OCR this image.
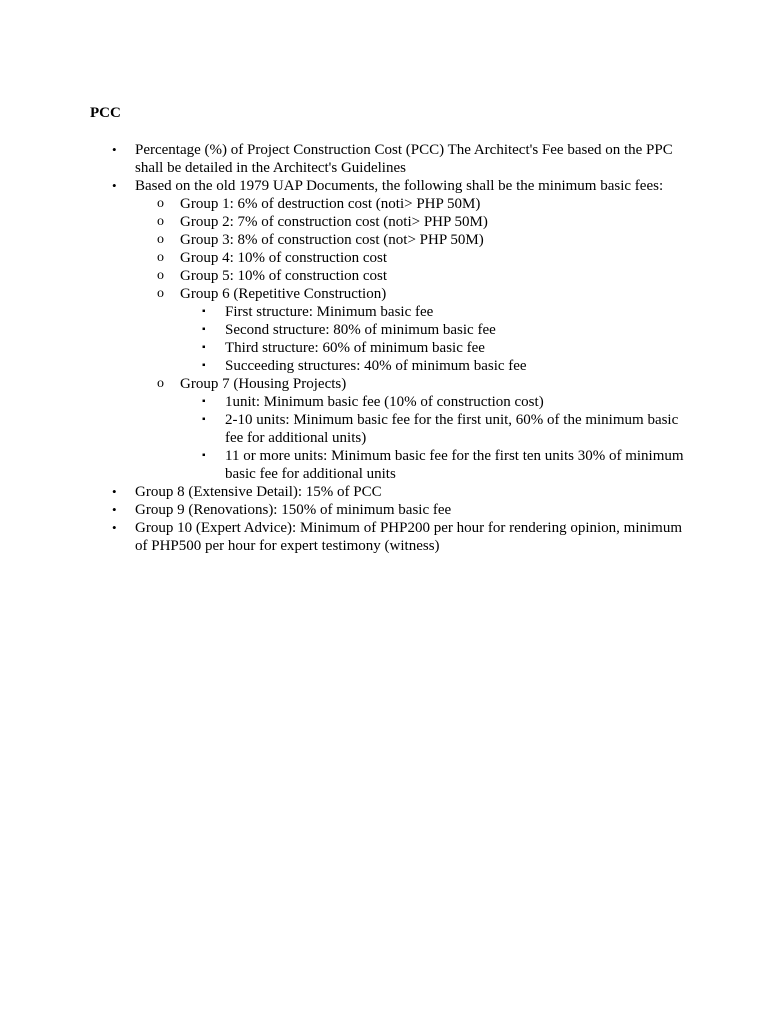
PCC
•	Percentage (%) of Project Construction Cost (PCC) The Architect's Fee based on the PPC shall be detailed in the Architect's Guidelines
•	Based on the old 1979 UAP Documents, the following shall be the minimum basic fees:
o	Group 1: 6% of destruction cost (noti> PHP 50M)
o	Group 2: 7% of construction cost (noti> PHP 50M)
o	Group 3: 8% of construction cost (not> PHP 50M)
o	Group 4: 10% of construction cost
o	Group 5: 10% of construction cost
o	Group 6 (Repetitive Construction)
▪	First structure: Minimum basic fee
▪	Second structure: 80% of minimum basic fee
▪	Third structure: 60% of minimum basic fee
▪	Succeeding structures: 40% of minimum basic fee
o	Group 7 (Housing Projects)
▪	1unit: Minimum basic fee (10% of construction cost)
▪	2-10 units: Minimum basic fee for the first unit, 60% of the minimum basic fee for additional units)
▪	11 or more units: Minimum basic fee for the first ten units 30% of minimum basic fee for additional units
•	Group 8 (Extensive Detail): 15% of PCC
•	Group 9 (Renovations): 150% of minimum basic fee
•	Group 10 (Expert Advice): Minimum of PHP200 per hour for rendering opinion, minimum of PHP500 per hour for expert testimony (witness)
